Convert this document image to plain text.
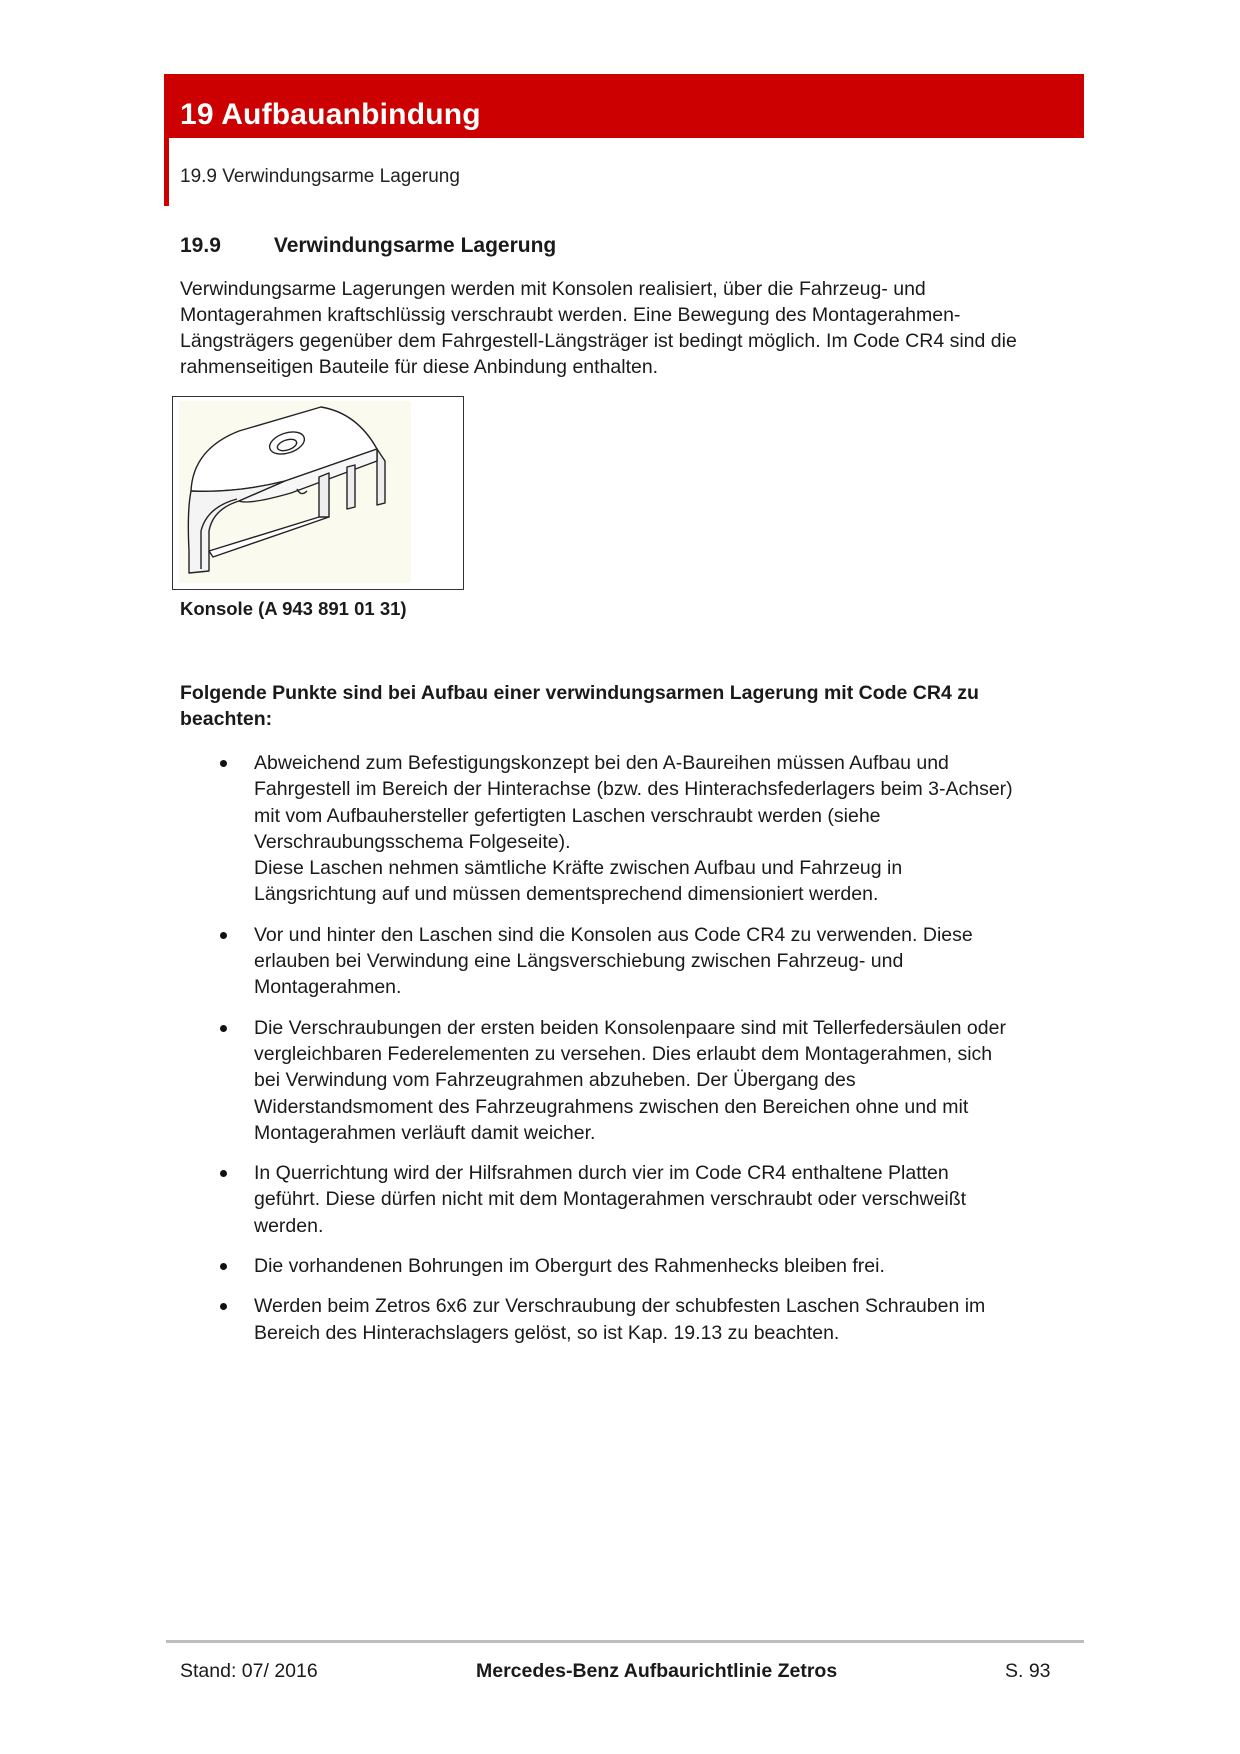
19 Aufbauanbindung
19.9 Verwindungsarme Lagerung
19.9	Verwindungsarme Lagerung
Verwindungsarme Lagerungen werden mit Konsolen realisiert, über die Fahrzeug- und
Montagerahmen kraftschlüssig verschraubt werden. Eine Bewegung des Montagerahmen-
Längsträgers gegenüber dem Fahrgestell-Längsträger ist bedingt möglich. Im Code CR4 sind die
rahmenseitigen Bauteile für diese Anbindung enthalten.
Konsole (A 943 891 01 31)
Folgende Punkte sind bei Aufbau einer verwindungsarmen Lagerung mit Code CR4 zu
beachten:
Abweichend zum Befestigungskonzept bei den A-Baureihen müssen Aufbau und
Fahrgestell im Bereich der Hinterachse (bzw. des Hinterachsfederlagers beim 3-Achser)
mit vom Aufbauhersteller gefertigten Laschen verschraubt werden (siehe
Verschraubungsschema Folgeseite).
Diese Laschen nehmen sämtliche Kräfte zwischen Aufbau und Fahrzeug in
Längsrichtung auf und müssen dementsprechend dimensioniert werden.
Vor und hinter den Laschen sind die Konsolen aus Code CR4 zu verwenden. Diese
erlauben bei Verwindung eine Längsverschiebung zwischen Fahrzeug- und
Montagerahmen.
Die Verschraubungen der ersten beiden Konsolenpaare sind mit Tellerfedersäulen oder
vergleichbaren Federelementen zu versehen. Dies erlaubt dem Montagerahmen, sich
bei Verwindung vom Fahrzeugrahmen abzuheben. Der Übergang des
Widerstandsmoment des Fahrzeugrahmens zwischen den Bereichen ohne und mit
Montagerahmen verläuft damit weicher.
In Querrichtung wird der Hilfsrahmen durch vier im Code CR4 enthaltene Platten
geführt. Diese dürfen nicht mit dem Montagerahmen verschraubt oder verschweißt
werden.
Die vorhandenen Bohrungen im Obergurt des Rahmenhecks bleiben frei.
Werden beim Zetros 6x6 zur Verschraubung der schubfesten Laschen Schrauben im
Bereich des Hinterachslagers gelöst, so ist Kap. 19.13 zu beachten.
Stand: 07/ 2016	Mercedes-Benz Aufbaurichtlinie Zetros	S. 93
